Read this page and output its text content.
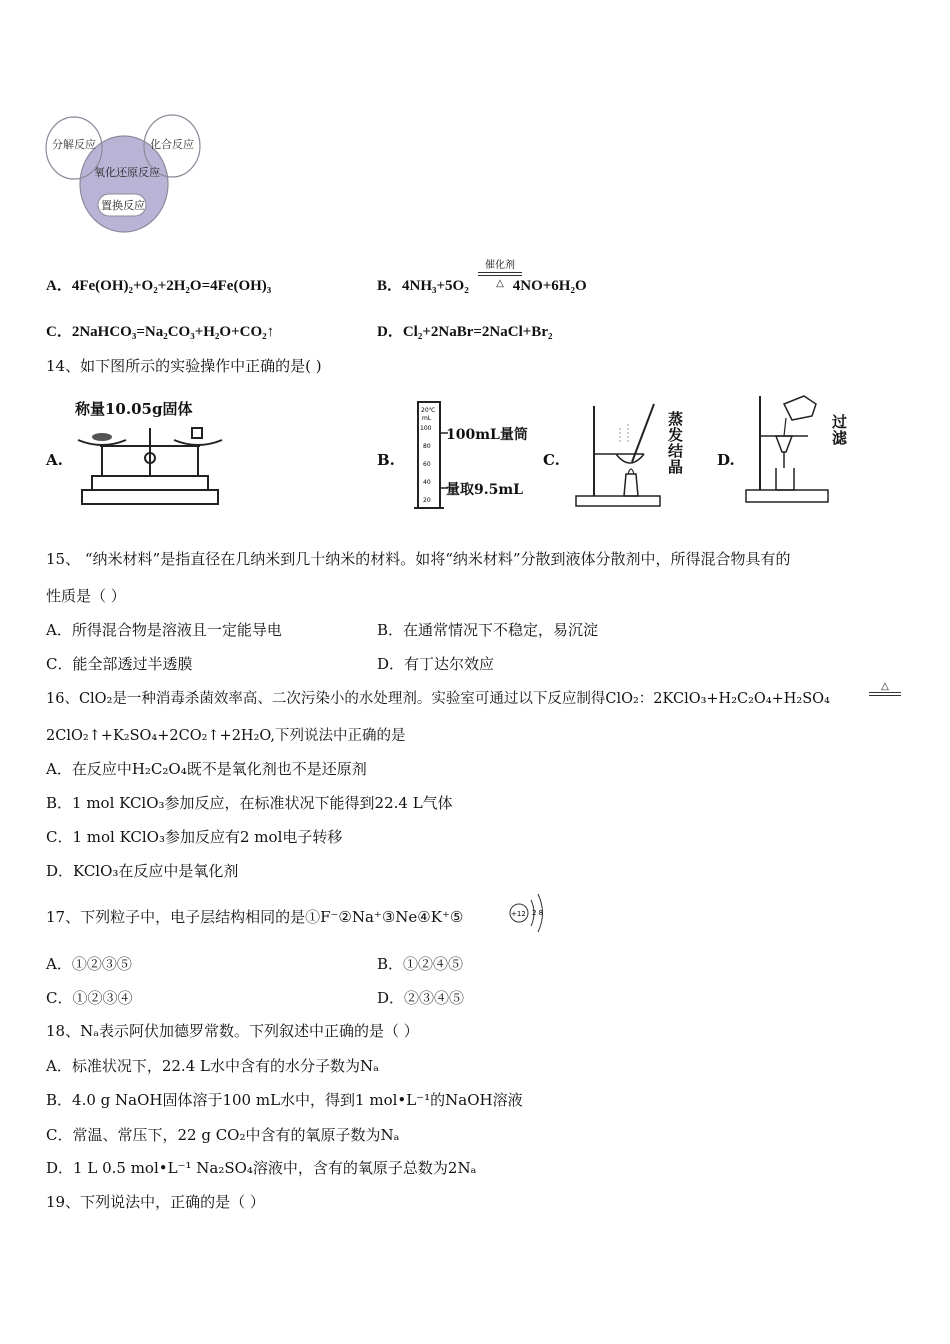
分解反应	化合反应
氧化还原反应
置换反应
A．4Fe(OH)₂+O₂+2H₂O=4Fe(OH)₃	B．4NH₃+5O₂	4NO+6H₂O
催化剂
△
C．2NaHCO₃=Na₂CO₃+H₂O+CO₂↑	D．Cl₂+2NaBr=2NaCl+Br₂
14、如下图所示的实验操作中正确的是( )
A.
称量10.05g固体
B.
20℃
mL
100
80
60
40
20
100mL量筒
量取9.5mL
C.
蒸发结晶 D.
过滤
15、 “纳米材料”是指直径在几纳米到几十纳米的材料。如将“纳米材料”分散到液体分散剂中，所得混合物具有的
性质是（ ）
A．所得混合物是溶液且一定能导电	B．在通常情况下不稳定，易沉淀
C．能全部透过半透膜	D．有丁达尔效应
16、ClO₂是一种消毒杀菌效率高、二次污染小的水处理剂。实验室可通过以下反应制得ClO₂：2KClO₃+H₂C₂O₄+H₂SO₄
△
2ClO₂↑+K₂SO₄+2CO₂↑+2H₂O,下列说法中正确的是
A．在反应中H₂C₂O₄既不是氧化剂也不是还原剂
B．1 mol KClO₃参加反应，在标准状况下能得到22.4 L气体
C．1 mol KClO₃参加反应有2 mol电子转移
D．KClO₃在反应中是氧化剂
17、下列粒子中，电子层结构相同的是①F⁻②Na⁺③Ne④K⁺⑤	+12 2 8
A．①②③⑤	B．①②④⑤
C．①②③④	D．②③④⑤
18、Nₐ表示阿伏加德罗常数。下列叙述中正确的是（ ）
A．标准状况下，22.4 L水中含有的水分子数为Nₐ
B．4.0 g NaOH固体溶于100 mL水中，得到1 mol•L⁻¹的NaOH溶液
C．常温、常压下，22 g CO₂中含有的氧原子数为Nₐ
D．1 L 0.5 mol•L⁻¹ Na₂SO₄溶液中，含有的氧原子总数为2Nₐ
19、下列说法中，正确的是（ ）
